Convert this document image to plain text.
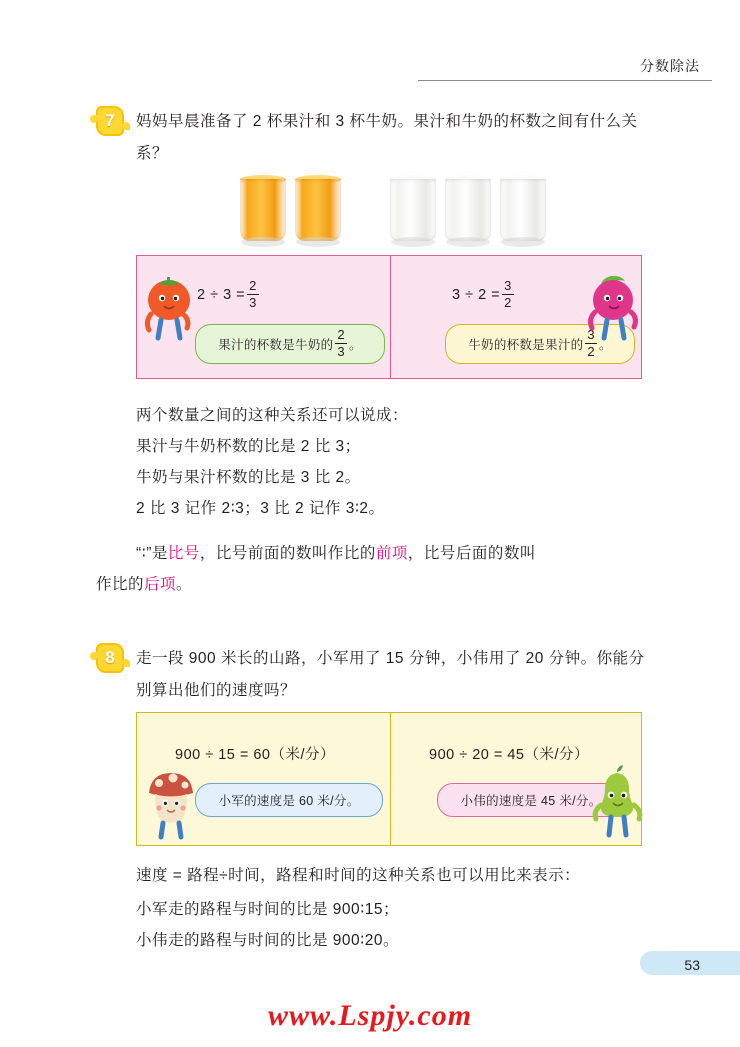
分数除法
7 妈妈早晨准备了 2 杯果汁和 3 杯牛奶。果汁和牛奶的杯数之间有什么关系？
$2 \div 3 = \frac{2}{3}$	$3 \div 2 = \frac{3}{2}$
果汁的杯数是牛奶的 $\frac{2}{3}$ 。	牛奶的杯数是果汁的 $\frac{3}{2}$ 。
两个数量之间的这种关系还可以说成：
果汁与牛奶杯数的比是 2 比 3；
牛奶与果汁杯数的比是 3 比 2。
2 比 3 记作 2∶3；3 比 2 记作 3∶2。
“∶”是比号，比号前面的数叫作比的前项，比号后面的数叫
作比的后项。
8 走一段 900 米长的山路，小军用了 15 分钟，小伟用了 20 分钟。你能分别算出他们的速度吗？
900 ÷ 15 = 60（米/分）	900 ÷ 20 = 45（米/分）
小军的速度是 60 米/分。	小伟的速度是 45 米/分。
速度 = 路程÷时间，路程和时间的这种关系也可以用比来表示：
小军走的路程与时间的比是 900∶15；
小伟走的路程与时间的比是 900∶20。
53
www.Lspjy.com
